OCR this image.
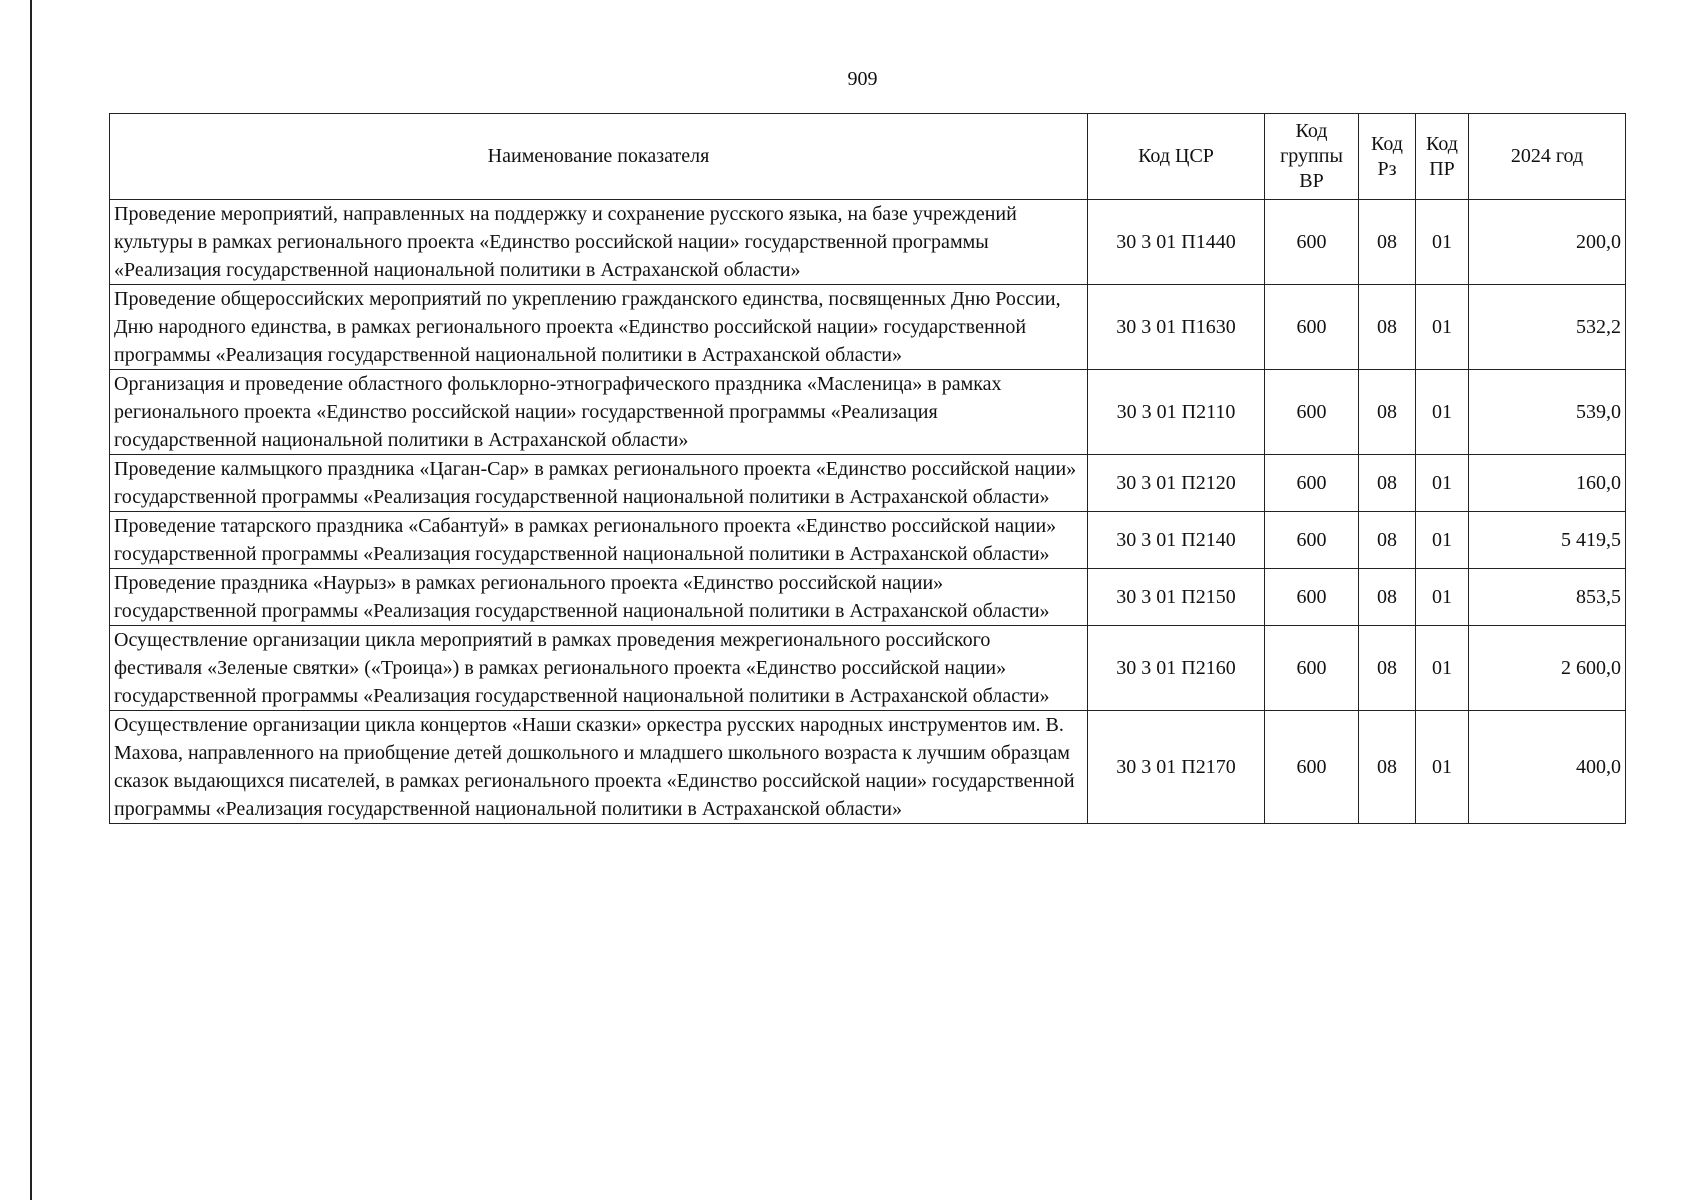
909
Наименование показателя	Код ЦСР	Код группы ВР	Код Рз	Код ПР	2024 год
Проведение мероприятий, направленных на поддержку и сохранение русского языка, на базе учреждений культуры в рамках регионального проекта «Единство российской нации» государственной программы «Реализация государственной национальной политики в Астраханской области»	30 3 01 П1440	600	08	01	200,0
Проведение общероссийских мероприятий по укреплению гражданского единства, посвященных Дню России, Дню народного единства, в рамках регионального проекта «Единство российской нации» государственной программы «Реализация государственной национальной политики в Астраханской области»	30 3 01 П1630	600	08	01	532,2
Организация и проведение областного фольклорно-этнографического праздника «Масленица» в рамках регионального проекта «Единство российской нации» государственной программы «Реализация государственной национальной политики в Астраханской области»	30 3 01 П2110	600	08	01	539,0
Проведение калмыцкого праздника «Цаган-Сар» в рамках регионального проекта «Единство российской нации» государственной программы «Реализация государственной национальной политики в Астраханской области»	30 3 01 П2120	600	08	01	160,0
Проведение татарского праздника «Сабантуй» в рамках регионального проекта «Единство российской нации» государственной программы «Реализация государственной национальной политики в Астраханской области»	30 3 01 П2140	600	08	01	5 419,5
Проведение праздника «Наурыз» в рамках регионального проекта «Единство российской нации» государственной программы «Реализация государственной национальной политики в Астраханской области»	30 3 01 П2150	600	08	01	853,5
Осуществление организации цикла мероприятий в рамках проведения межрегионального российского фестиваля «Зеленые святки» («Троица») в рамках регионального проекта «Единство российской нации» государственной программы «Реализация государственной национальной политики в Астраханской области»	30 3 01 П2160	600	08	01	2 600,0
Осуществление организации цикла концертов «Наши сказки» оркестра русских народных инструментов им. В. Махова, направленного на приобщение детей дошкольного и младшего школьного возраста к лучшим образцам сказок выдающихся писателей, в рамках регионального проекта «Единство российской нации» государственной программы «Реализация государственной национальной политики в Астраханской области»	30 3 01 П2170	600	08	01	400,0
